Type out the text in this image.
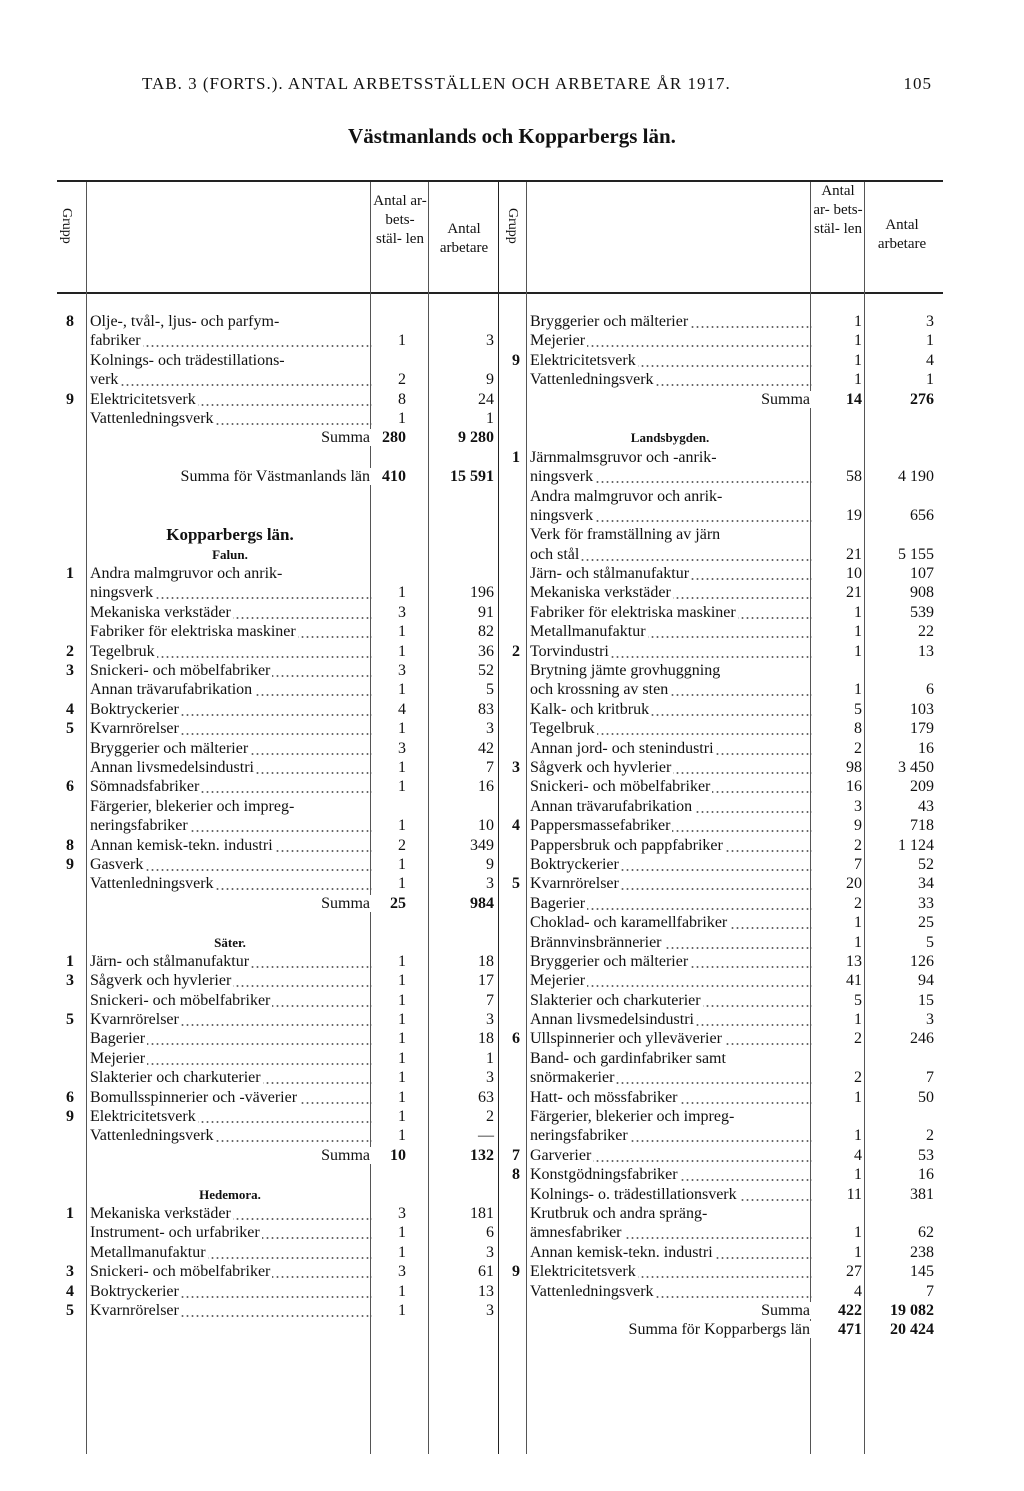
TAB. 3 (FORTS.). ANTAL ARBETSSTÄLLEN OCH ARBETARE ÅR 1917.	105
Västmanlands och Kopparbergs län.
Grupp
Antal ar- bets- stäl- len
Antal arbetare
Grupp
Antal ar- bets- stäl- len	Antal arbetare
8 Olje-, tvål-, ljus- och parfym-
fabriker	1	3
Kolnings- och trädestillations-
verk	2	9
9 Elektricitetsverk	8	24
Vattenledningsverk	1	1
Summa 280	9 280
Summa för Västmanlands län 410	15 591
Kopparbergs län.
Falun.
1 Andra malmgruvor och anrik-
ningsverk	1	196
Mekaniska verkstäder	3	91
Fabriker för elektriska maskiner	1	82
2 Tegelbruk	1	36
3 Snickeri- och möbelfabriker	3	52
Annan trävarufabrikation	1	5
4 Boktryckerier	4	83
5 Kvarnrörelser	1	3
Bryggerier och mälterier	3	42
Annan livsmedelsindustri	1	7
6 Sömnadsfabriker	1	16
Färgerier, blekerier och impreg-
neringsfabriker	1	10
8 Annan kemisk-tekn. industri	2	349
9 Gasverk	1	9
Vattenledningsverk	1	3
Summa	25	984
Säter.
1 Järn- och stålmanufaktur	1	18
3 Sågverk och hyvlerier	1	17
Snickeri- och möbelfabriker	1	7
5 Kvarnrörelser	1	3
Bagerier	1	18
Mejerier	1	1
Slakterier och charkuterier	1	3
6 Bomullsspinnerier och -väverier	1	63
9 Elektricitetsverk	1	2
Vattenledningsverk	1	—
Summa	10	132
Hedemora.
1 Mekaniska verkstäder	3	181
Instrument- och urfabriker	1	6
Metallmanufaktur	1	3
3 Snickeri- och möbelfabriker	3	61
4 Boktryckerier	1	13
5 Kvarnrörelser	1	3
Bryggerier och mälterier	1	3
Mejerier	1	1
9 Elektricitetsverk	1	4
Vattenledningsverk	1	1
Summa	14	276
Landsbygden.
1 Järnmalmsgruvor och -anrik-
ningsverk	58	4 190
Andra malmgruvor och anrik-
ningsverk	19	656
Verk för framställning av järn
och stål	21	5 155
Järn- och stålmanufaktur	10	107
Mekaniska verkstäder	21	908
Fabriker för elektriska maskiner	1	539
Metallmanufaktur	1	22
2 Torvindustri	1	13
Brytning jämte grovhuggning
och krossning av sten	1	6
Kalk- och kritbruk	5	103
Tegelbruk	8	179
Annan jord- och stenindustri	2	16
3 Sågverk och hyvlerier	98	3 450
Snickeri- och möbelfabriker	16	209
Annan trävarufabrikation	3	43
4 Pappersmassefabriker	9	718
Pappersbruk och pappfabriker	2	1 124
Boktryckerier	7	52
5 Kvarnrörelser	20	34
Bagerier	2	33
Choklad- och karamellfabriker	1	25
Brännvinsbrännerier	1	5
Bryggerier och mälterier	13	126
Mejerier	41	94
Slakterier och charkuterier	5	15
Annan livsmedelsindustri	1	3
6 Ullspinnerier och ylleväverier	2	246
Band- och gardinfabriker samt
snörmakerier	2	7
Hatt- och mössfabriker	1	50
Färgerier, blekerier och impreg-
neringsfabriker	1	2
7 Garverier	4	53
8 Konstgödningsfabriker	1	16
Kolnings- o. trädestillationsverk	11	381
Krutbruk och andra spräng-
ämnesfabriker	1	62
Annan kemisk-tekn. industri	1	238
9 Elektricitetsverk	27	145
Vattenledningsverk	4	7
Summa	422	19 082
Summa för Kopparbergs län	471	20 424
